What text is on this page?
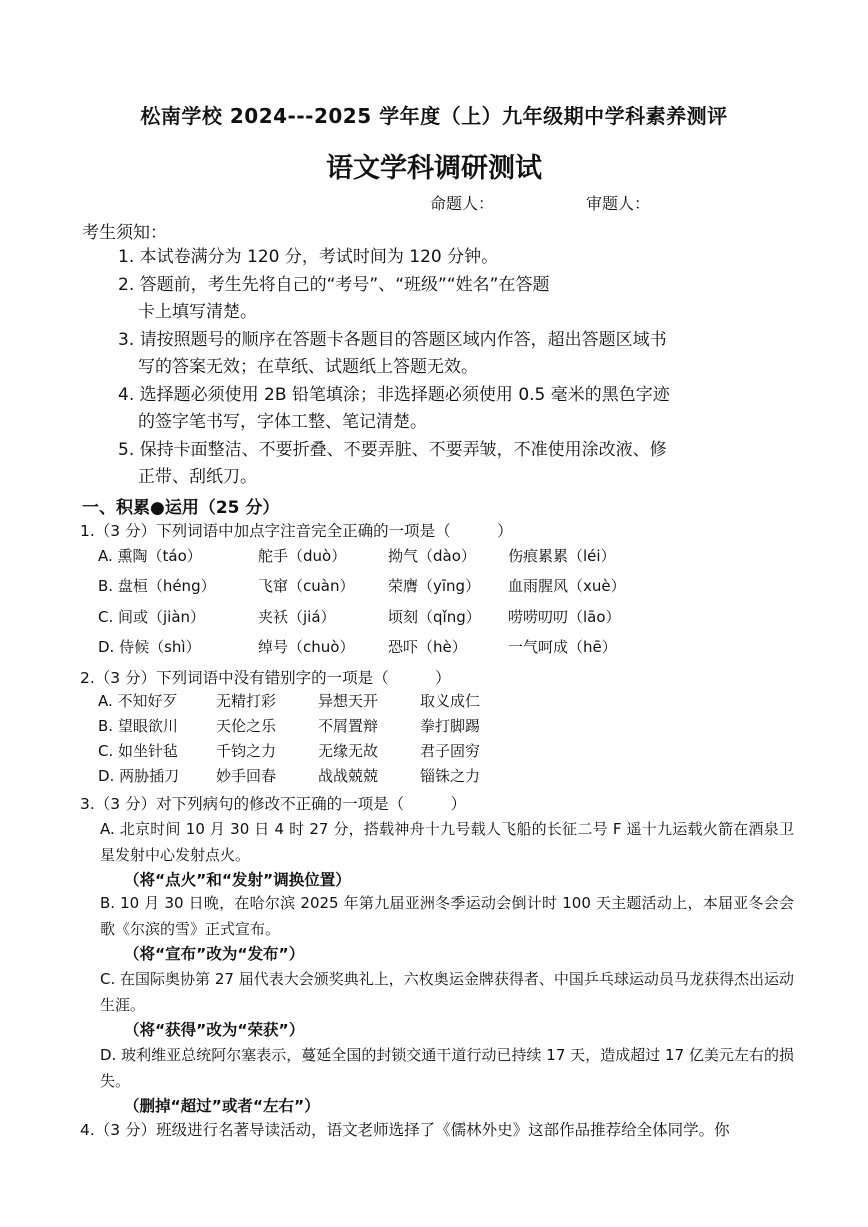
松南学校 2024---2025 学年度（上）九年级期中学科素养测评
语文学科调研测试
命题人：	审题人：
考生须知：
1. 本试卷满分为 120 分，考试时间为 120 分钟。
2. 答题前，考生先将自己的“考号”、“班级”“姓名”在答题
卡上填写清楚。
3. 请按照题号的顺序在答题卡各题目的答题区域内作答，超出答题区域书
写的答案无效；在草纸、试题纸上答题无效。
4. 选择题必须使用 2B 铅笔填涂；非选择题必须使用 0.5 毫米的黑色字迹
的签字笔书写，字体工整、笔记清楚。
5. 保持卡面整洁、不要折叠、不要弄脏、不要弄皱，不准使用涂改液、修
正带、刮纸刀。
一、积累●运用（25 分）
1.（3 分）下列词语中加点字注音完全正确的一项是（　　　）
A. 熏陶（táo）	舵手（duò）	拗气（dào）	伤痕累累（léi）
B. 盘桓（héng）	飞窜（cuàn）	荣膺（yīng）	血雨腥风（xuè）
C. 间或（jiàn）	夹袄（jiá）	顷刻（qǐng）	唠唠叨叨（lāo）
D. 侍候（shì）	绰号（chuò）	恐吓（hè）	一气呵成（hē）
2.（3 分）下列词语中没有错别字的一项是（　　　）
A. 不知好歹	无精打彩	异想天开	取义成仁
B. 望眼欲川	天伦之乐	不屑置辩	拳打脚踢
C. 如坐针毡	千钧之力	无缘无故	君子固穷
D. 两胁插刀	妙手回春	战战兢兢	锱铢之力
3.（3 分）对下列病句的修改不正确的一项是（　　　）
A. 北京时间 10 月 30 日 4 时 27 分，搭载神舟十九号载人飞船的长征二号 F 遥十九运载火箭在酒泉卫星发射中心发射点火。
（将“点火”和“发射”调换位置）
B. 10 月 30 日晚，在哈尔滨 2025 年第九届亚洲冬季运动会倒计时 100 天主题活动上，本届亚冬会会歌《尔滨的雪》正式宣布。
（将“宣布”改为“发布”）
C. 在国际奥协第 27 届代表大会颁奖典礼上，六枚奥运金牌获得者、中国乒乓球运动员马龙获得杰出运动生涯。
（将“获得”改为“荣获”）
D. 玻利维亚总统阿尔塞表示，蔓延全国的封锁交通干道行动已持续 17 天，造成超过 17 亿美元左右的损失。
（删掉“超过”或者“左右”）
4.（3 分）班级进行名著导读活动，语文老师选择了《儒林外史》这部作品推荐给全体同学。你
